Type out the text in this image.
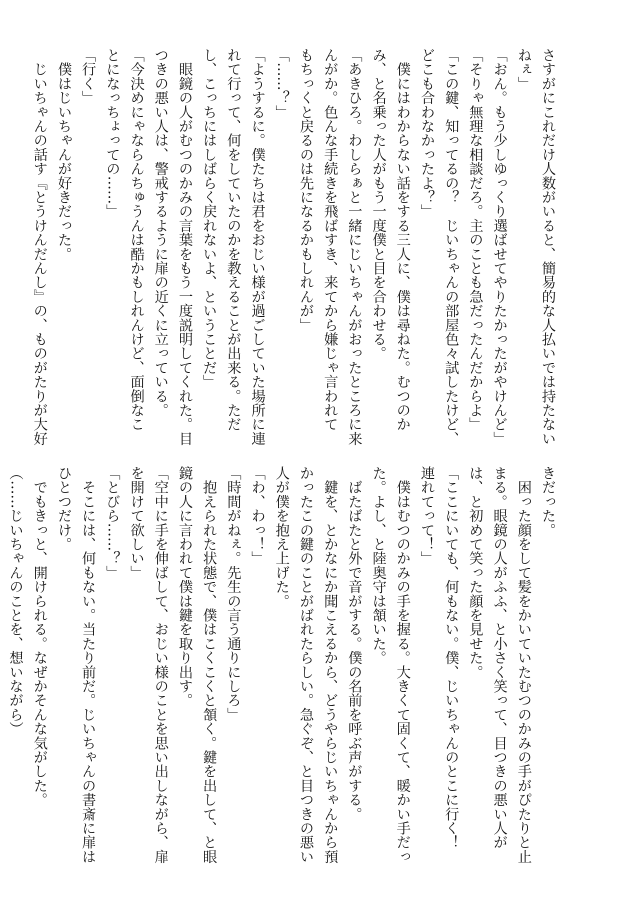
さすがにこれだけ人数がいると、簡易的な人払いでは持たない

ねぇ」

「おん。もう少しゆっくり選ばせてやりたかったがやけんど」

「そりゃ無理な相談だろ。主のことも急だったんだからよ」

「この鍵、知ってるの？　じいちゃんの部屋色々試したけど、

どこも合わなかったよ？」

　僕にはわからない話をする三人に、僕は尋ねた。むつのか

み、と名乗った人がもう一度僕と目を合わせる。

「あきひろ。わしらぁと一緒にじいちゃんがおったところに来

んがか。色んな手続きを飛ばすき、来てから嫌じゃ言われて

もちっくと戻るのは先になるかもしれんが」

「……？」

「ようするに。僕たちは君をおじい様が過ごしていた場所に連

れて行って、何をしていたのかを教えることが出来る。ただ

し、こっちにはしばらく戻れないよ、ということだ」

　眼鏡の人がむつのかみの言葉をもう一度説明してくれた。目

つきの悪い人は、警戒するように扉の近くに立っている。

「今決めにゃならんちゅうんは酷かもしれんけど、面倒なこ

とになっちょっての……」

「行く」

　僕はじいちゃんが好きだった。

　じいちゃんの話す『とうけんだんし』の、ものがたりが大好

きだった。

　困った顔をして髪をかいていたむつのかみの手がぴたりと止

まる。眼鏡の人がふふ、と小さく笑って、目つきの悪い人が

は、と初めて笑った顔を見せた。

「ここにいても、何もない。僕、じいちゃんのとこに行く！

連れてって！」

　僕はむつのかみの手を握る。大きくて固くて、暖かい手だっ

た。よし、と陸奥守は頷いた。

　ばたばたと外で音がする。僕の名前を呼ぶ声がする。

　鍵を、とかなにか聞こえるから、どうやらじいちゃんから預

かったこの鍵のことがばれたらしい。急ぐぞ、と目つきの悪い

人が僕を抱え上げた。

「わ、わっ！」

「時間がねぇ。先生の言う通りにしろ」

　抱えられた状態で、僕はこくこくと頷く。鍵を出して、と眼

鏡の人に言われて僕は鍵を取り出す。

「空中に手を伸ばして、おじい様のことを思い出しながら、扉

を開けて欲しい」

「とびら……？」

　そこには、何もない。当たり前だ。じいちゃんの書斎に扉は

ひとつだけ。

　でもきっと、開けられる。なぜかそんな気がした。

（……じいちゃんのことを、想いながら）
